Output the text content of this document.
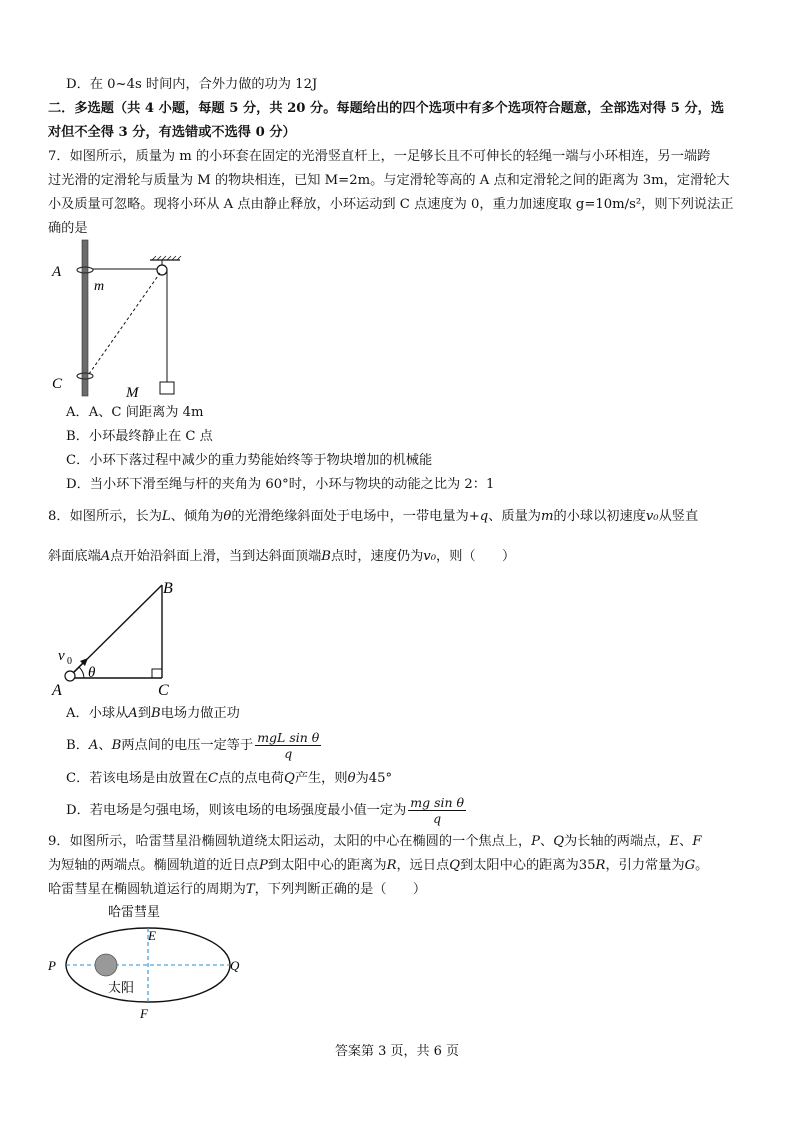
D．在 0~4s 时间内，合外力做的功为 12J
二．多选题（共 4 小题，每题 5 分，共 20 分。每题给出的四个选项中有多个选项符合题意，全部选对得 5 分，选
对但不全得 3 分，有选错或不选得 0 分）
7．如图所示，质量为 m 的小环套在固定的光滑竖直杆上，一足够长且不可伸长的轻绳一端与小环相连，另一端跨
过光滑的定滑轮与质量为 M 的物块相连，已知 M=2m。与定滑轮等高的 A 点和定滑轮之间的距离为 3m，定滑轮大
小及质量可忽略。现将小环从 A 点由静止释放，小环运动到 C 点速度为 0，重力加速度取 g=10m/s²，则下列说法正
确的是
A
m
C
M
A．A、C 间距离为 4m
B．小环最终静止在 C 点
C．小环下落过程中减少的重力势能始终等于物块增加的机械能
D．当小环下滑至绳与杆的夹角为 60°时，小环与物块的动能之比为 2：1
8．如图所示，长为L、倾角为θ的光滑绝缘斜面处于电场中，一带电量为+q、质量为m的小球以初速度v₀从竖直
斜面底端A点开始沿斜面上滑，当到达斜面顶端B点时，速度仍为v₀，则（　　）
v 0
θ
A	C
B
A．小球从A到B电场力做正功
B．A、B两点间的电压一定等于 $\frac{\text{mgL sin θ}}{q}$
C．若该电场是由放置在C点的点电荷Q产生，则θ为45°
D．若电场是匀强电场，则该电场的电场强度最小值一定为 $\frac{\text{mg sin θ}}{q}$
9．如图所示，哈雷彗星沿椭圆轨道绕太阳运动，太阳的中心在椭圆的一个焦点上，P、Q为长轴的两端点，E、F
为短轴的两端点。椭圆轨道的近日点P到太阳中心的距离为R，远日点Q到太阳中心的距离为35R，引力常量为G。
哈雷彗星在椭圆轨道运行的周期为T，下列判断正确的是（　　）
哈雷彗星
太阳
E
F
P	Q
答案第 3 页，共 6 页
